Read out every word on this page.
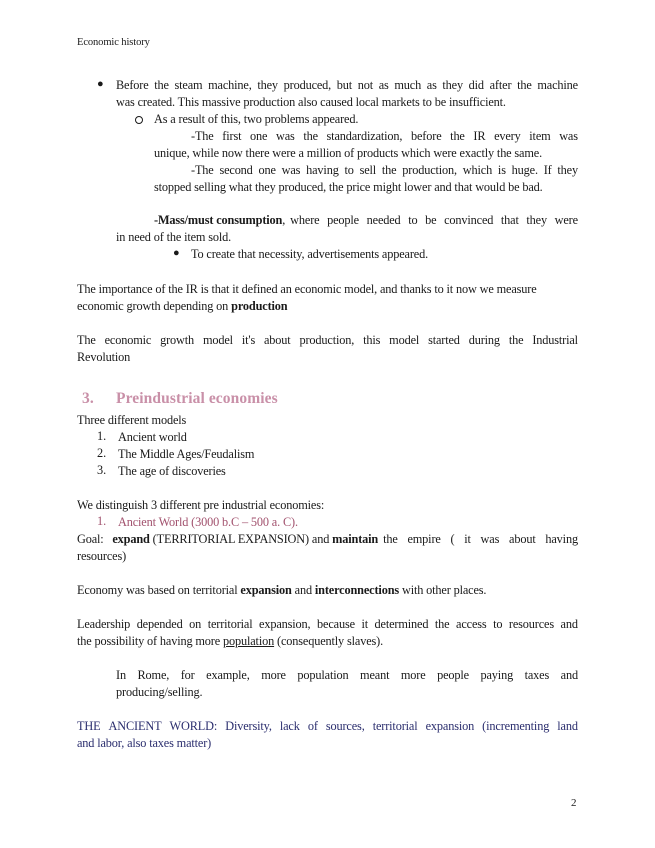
Economic history
● Before the steam machine, they produced, but not as much as they did after the machine
was created. This massive production also caused local markets to be insufficient.
As a result of this, two problems appeared.
-The first one was the standardization, before the IR every item was
unique, while now there were a million of products which were exactly the same.
-The second one was having to sell the production, which is huge. If they
stopped selling what they produced, the price might lower and that would be bad.
-Mass/must consumption, where people needed to be convinced that they were
in need of the item sold.
● To create that necessity, advertisements appeared.
The importance of the IR is that it defined an economic model, and thanks to it now we measure
economic growth depending on production
The economic growth model it's about production, this model started during the Industrial
Revolution
3. Preindustrial economies
Three different models
1. Ancient world
2. The Middle Ages/Feudalism
3. The age of discoveries
We distinguish 3 different pre industrial economies:
1. Ancient World (3000 b.C – 500 a. C).
Goal: expand (TERRITORIAL EXPANSION) and maintain the empire ( it was about having
resources)
Economy was based on territorial expansion and interconnections with other places.
Leadership depended on territorial expansion, because it determined the access to resources and
the possibility of having more population (consequently slaves).
In Rome, for example, more population meant more people paying taxes and
producing/selling.
THE ANCIENT WORLD: Diversity, lack of sources, territorial expansion (incrementing land
and labor, also taxes matter)
2
